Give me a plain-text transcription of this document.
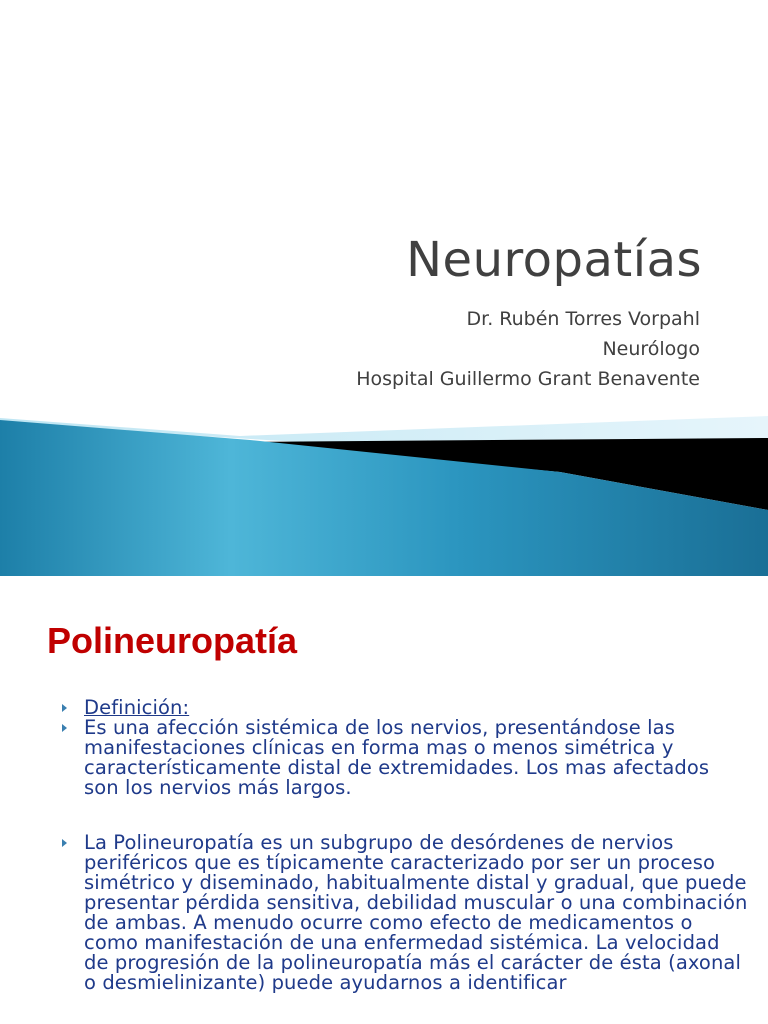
Neuropatías
Dr. Rubén Torres Vorpahl
Neurólogo
Hospital Guillermo Grant Benavente
Polineuropatía
Definición:
Es una afección sistémica de los nervios, presentándose las manifestaciones clínicas en forma mas o menos simétrica y característicamente distal de extremidades. Los mas afectados son los nervios más largos.
La Polineuropatía es un subgrupo de desórdenes de nervios periféricos que es típicamente caracterizado por ser un proceso simétrico y diseminado, habitualmente distal y gradual, que puede presentar pérdida sensitiva, debilidad muscular o una combinación de ambas. A menudo ocurre como efecto de medicamentos o como manifestación de una enfermedad sistémica. La velocidad de progresión de la polineuropatía más el carácter de ésta (axonal o desmielinizante) puede ayudarnos a identificar
